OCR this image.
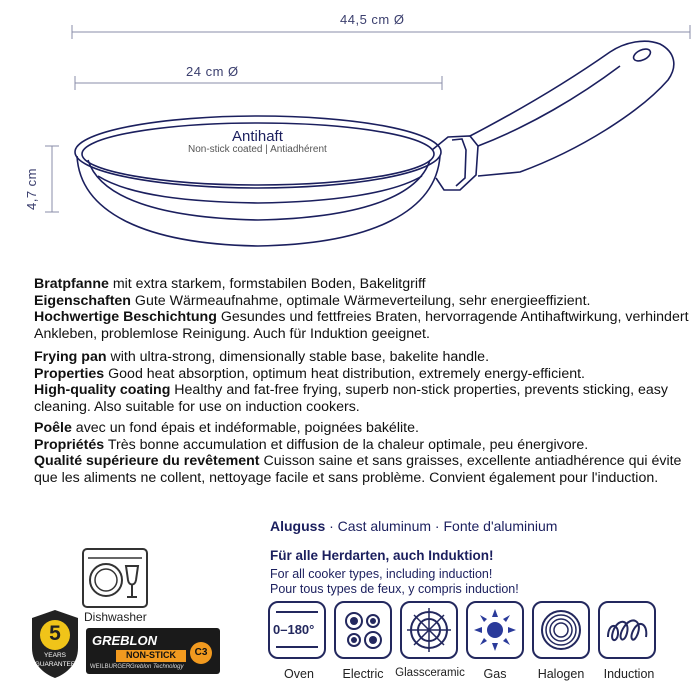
44,5 cm Ø
24 cm Ø
4,7 cm
Antihaft
Non-stick coated | Antiadhérent

Bratpfanne mit extra starkem, formstabilen Boden, Bakelitgriff

Eigenschaften Gute Wärmeaufnahme, optimale Wärmeverteilung, sehr energieeffizient.

Hochwertige Beschichtung Gesundes und fettfreies Braten, hervorragende Antihaftwirkung, verhindert Ankleben, problemlose Reinigung. Auch für Induktion geeignet.

Frying pan with ultra-strong, dimensionally stable base, bakelite handle.

Properties Good heat absorption, optimum heat distribution, extremely energy-efficient.

High-quality coating Healthy and fat-free frying, superb non-stick properties, prevents sticking, easy cleaning. Also suitable for use on induction cookers.

Poêle avec un fond épais et indéformable, poignées bakélite.

Propriétés Très bonne accumulation et diffusion de la chaleur optimale, peu énergivore.

Qualité supérieure du revêtement Cuisson saine et sans graisses, excellente antiadhérence qui évite que les aliments ne collent, nettoyage facile et sans problème. Convient également pour l'induction.

Aluguss · Cast aluminum · Fonte d'aluminium
Für alle Herdarten, auch Induktion!
For all cooker types, including induction!
Pour tous types de feux, y compris induction!
0–180°
Oven	Electric	Glassceramic	Gas	Halogen	Induction
Dishwasher
5
YEARS
GUARANTEE
GREBLON
NON-STICK
WEILBURGER Greblon Technology
C3
